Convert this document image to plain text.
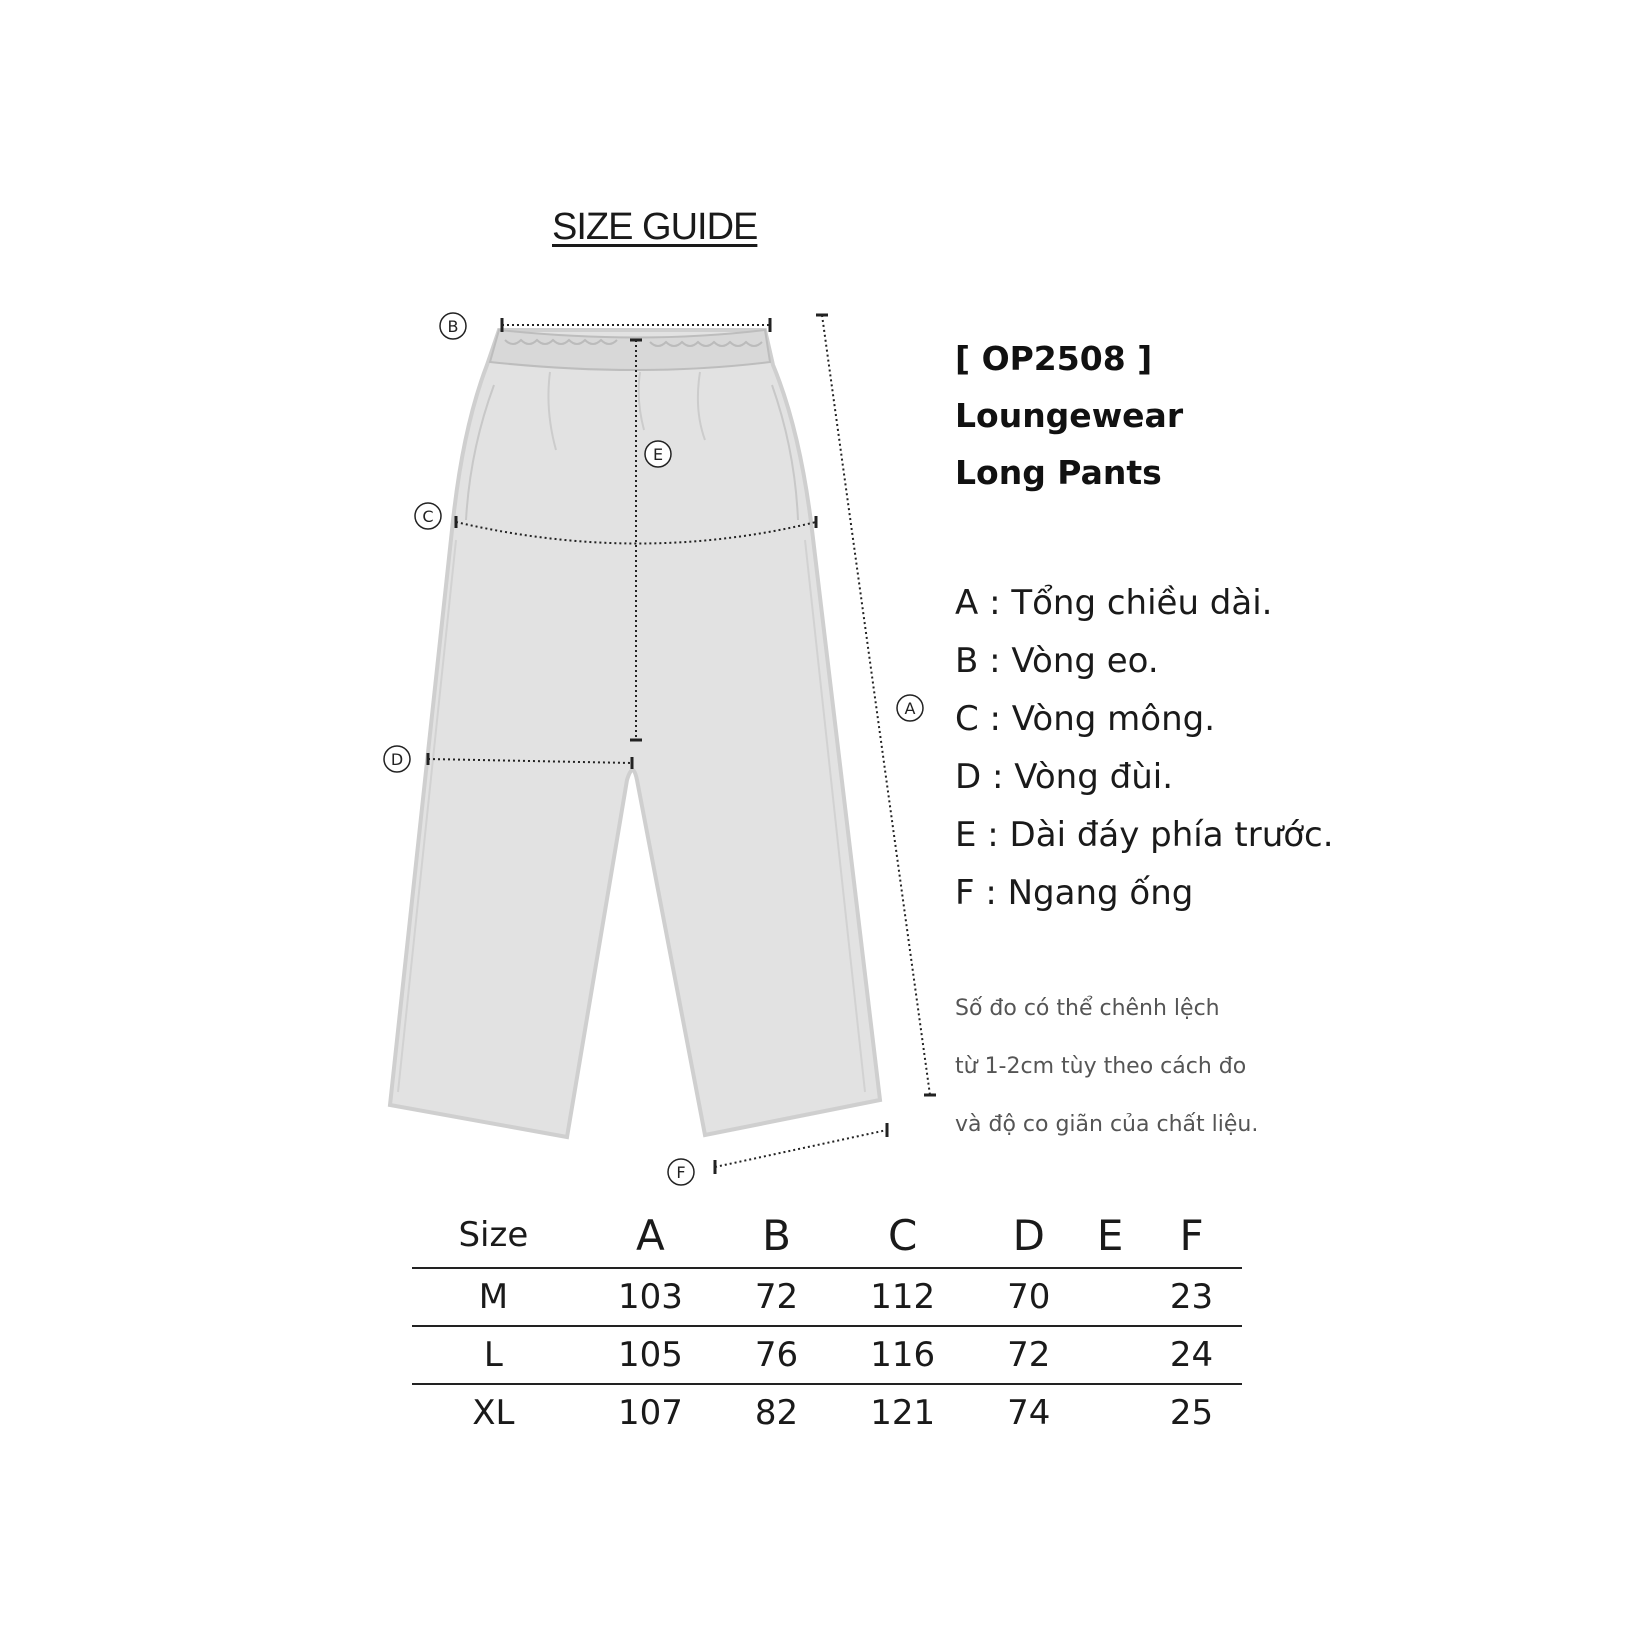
SIZE GUIDE
B
E
C
A
D
F
[ OP2508 ]
Loungewear
Long Pants
A : Tổng chiều dài.
B : Vòng eo.
C : Vòng mông.
D : Vòng đùi.
E : Dài đáy phía trước.
F : Ngang ống
Số đo có thể chênh lệch
từ 1-2cm tùy theo cách đo
và độ co giãn của chất liệu.
Size	A	B	C	D	E	F
M	103	72	112	70		23
L	105	76	116	72		24
XL	107	82	121	74		25
